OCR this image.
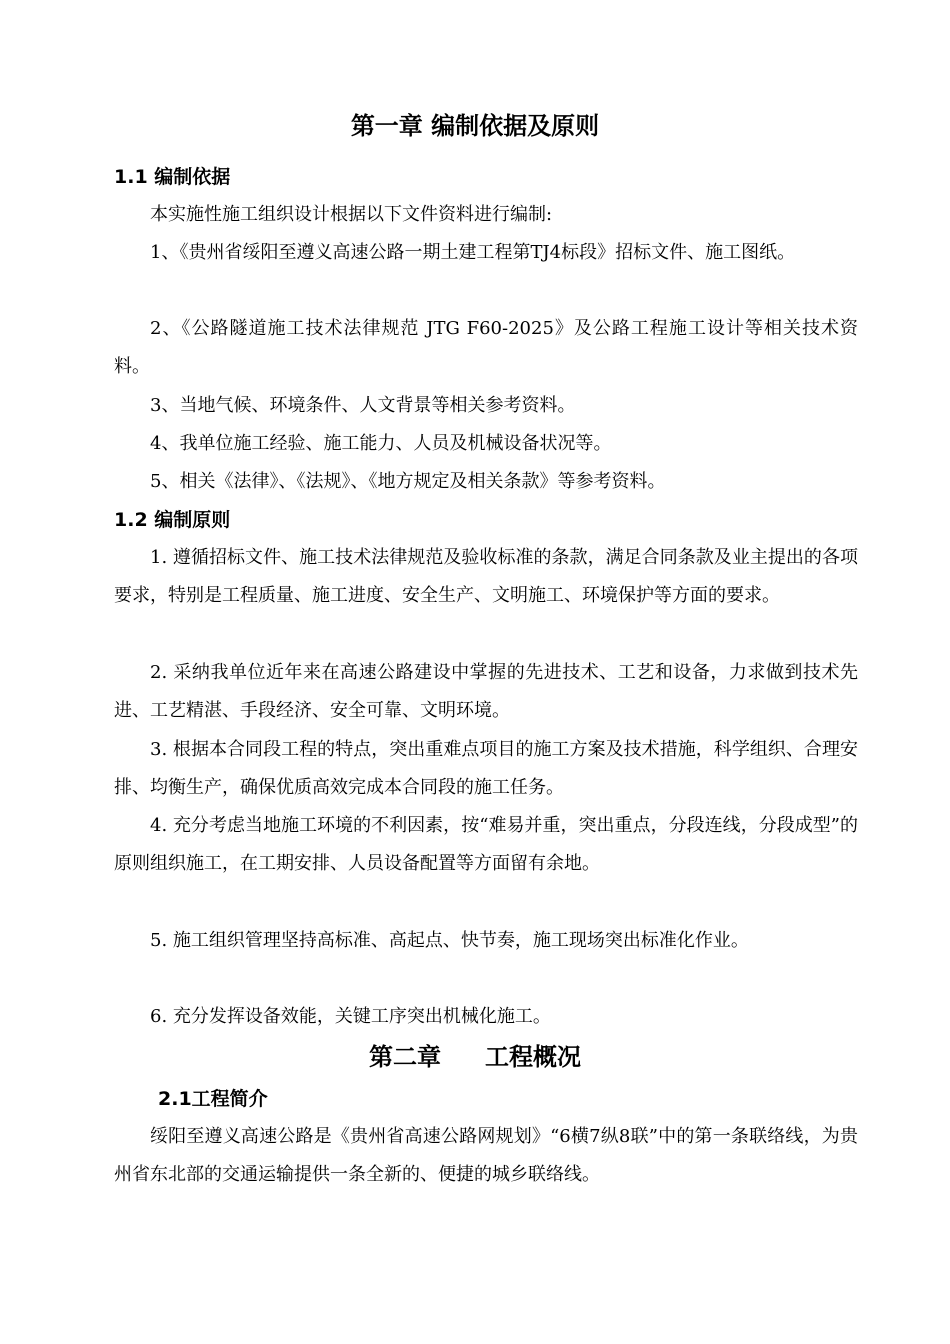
第一章 编制依据及原则
1.1 编制依据

本实施性施工组织设计根据以下文件资料进行编制:

1、《贵州省绥阳至遵义高速公路一期土建工程第TJ4标段》招标文件、施工图纸。

2、《公路隧道施工技术法律规范 JTG F60-2025》及公路工程施工设计等相关技术资料。

3、当地气候、环境条件、人文背景等相关参考资料。

4、我单位施工经验、施工能力、人员及机械设备状况等。

5、相关《法律》、《法规》、《地方规定及相关条款》等参考资料。

1.2 编制原则

1. 遵循招标文件、施工技术法律规范及验收标准的条款，满足合同条款及业主提出的各项要求，特别是工程质量、施工进度、安全生产、文明施工、环境保护等方面的要求。

2. 采纳我单位近年来在高速公路建设中掌握的先进技术、工艺和设备，力求做到技术先进、工艺精湛、手段经济、安全可靠、文明环境。

3. 根据本合同段工程的特点，突出重难点项目的施工方案及技术措施，科学组织、合理安排、均衡生产，确保优质高效完成本合同段的施工任务。

4. 充分考虑当地施工环境的不利因素，按“难易并重，突出重点，分段连线，分段成型”的原则组织施工，在工期安排、人员设备配置等方面留有余地。

5. 施工组织管理坚持高标准、高起点、快节奏，施工现场突出标准化作业。

6. 充分发挥设备效能，关键工序突出机械化施工。

第二章 工程概况
2.1工程简介

绥阳至遵义高速公路是《贵州省高速公路网规划》“6横7纵8联”中的第一条联络线，为贵州省东北部的交通运输提供一条全新的、便捷的城乡联络线。
